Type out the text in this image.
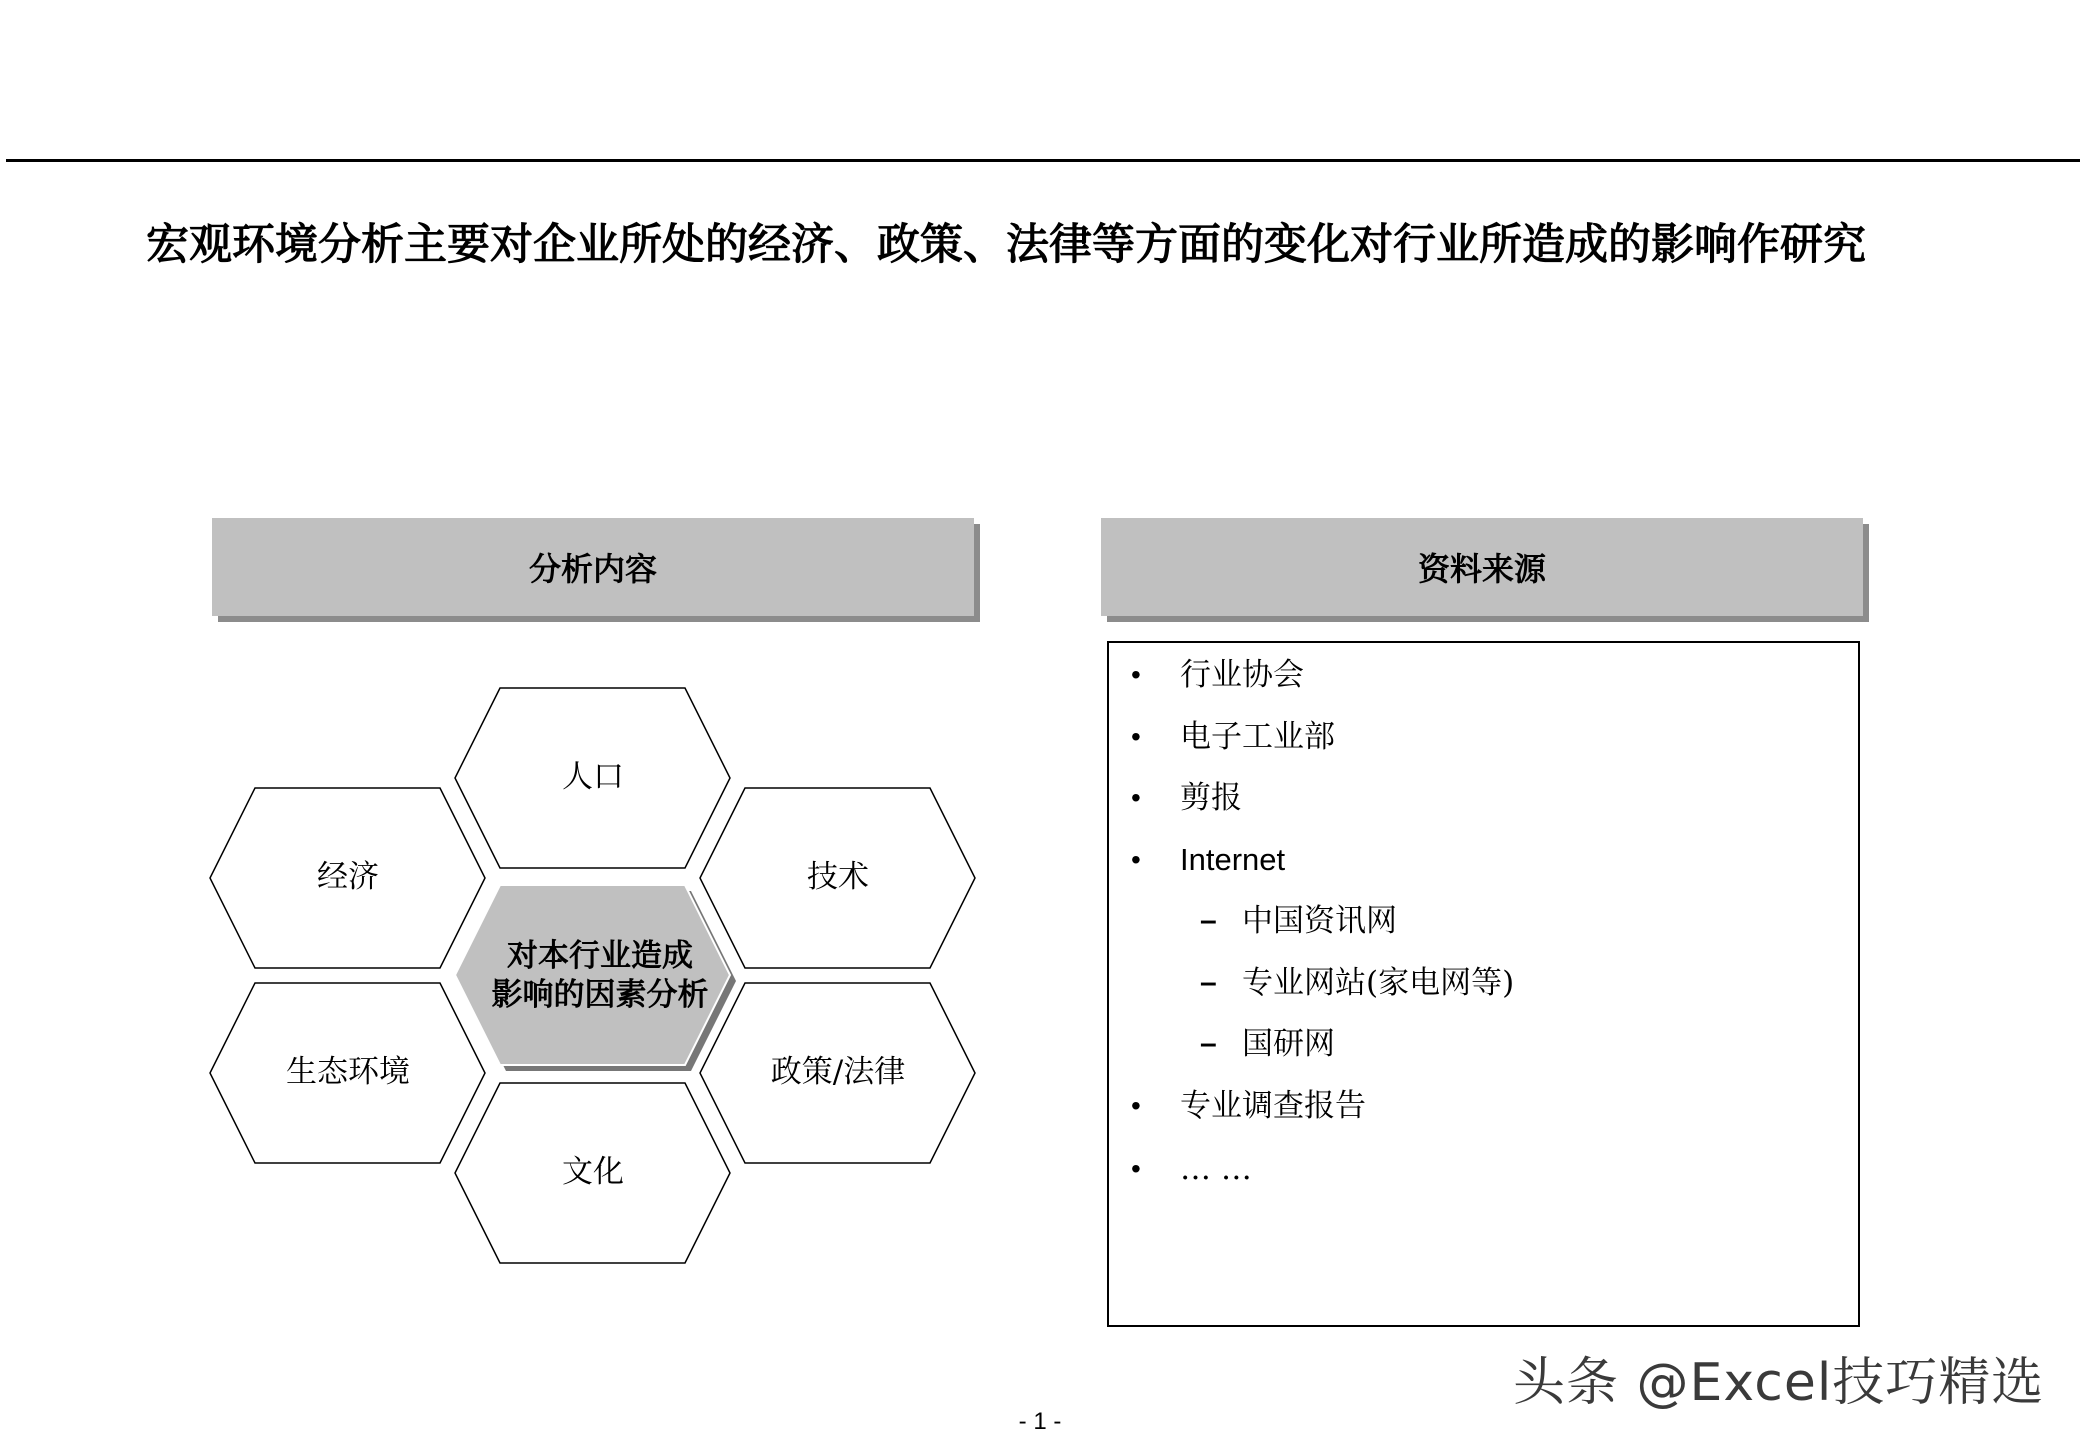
宏观环境分析主要对企业所处的经济、政策、法律等方面的变化对行业所造成的影响作研究
分析内容	资料来源
人口
经济	技术
生态环境	政策/法律
文化
对本行业造成
影响的因素分析
• 行业协会
• 电子工业部
• 剪报
• Internet
– 中国资讯网
– 专业网站(家电网等)
– 国研网
• 专业调查报告
• … …
头条 @Excel技巧精选
- 1 -
